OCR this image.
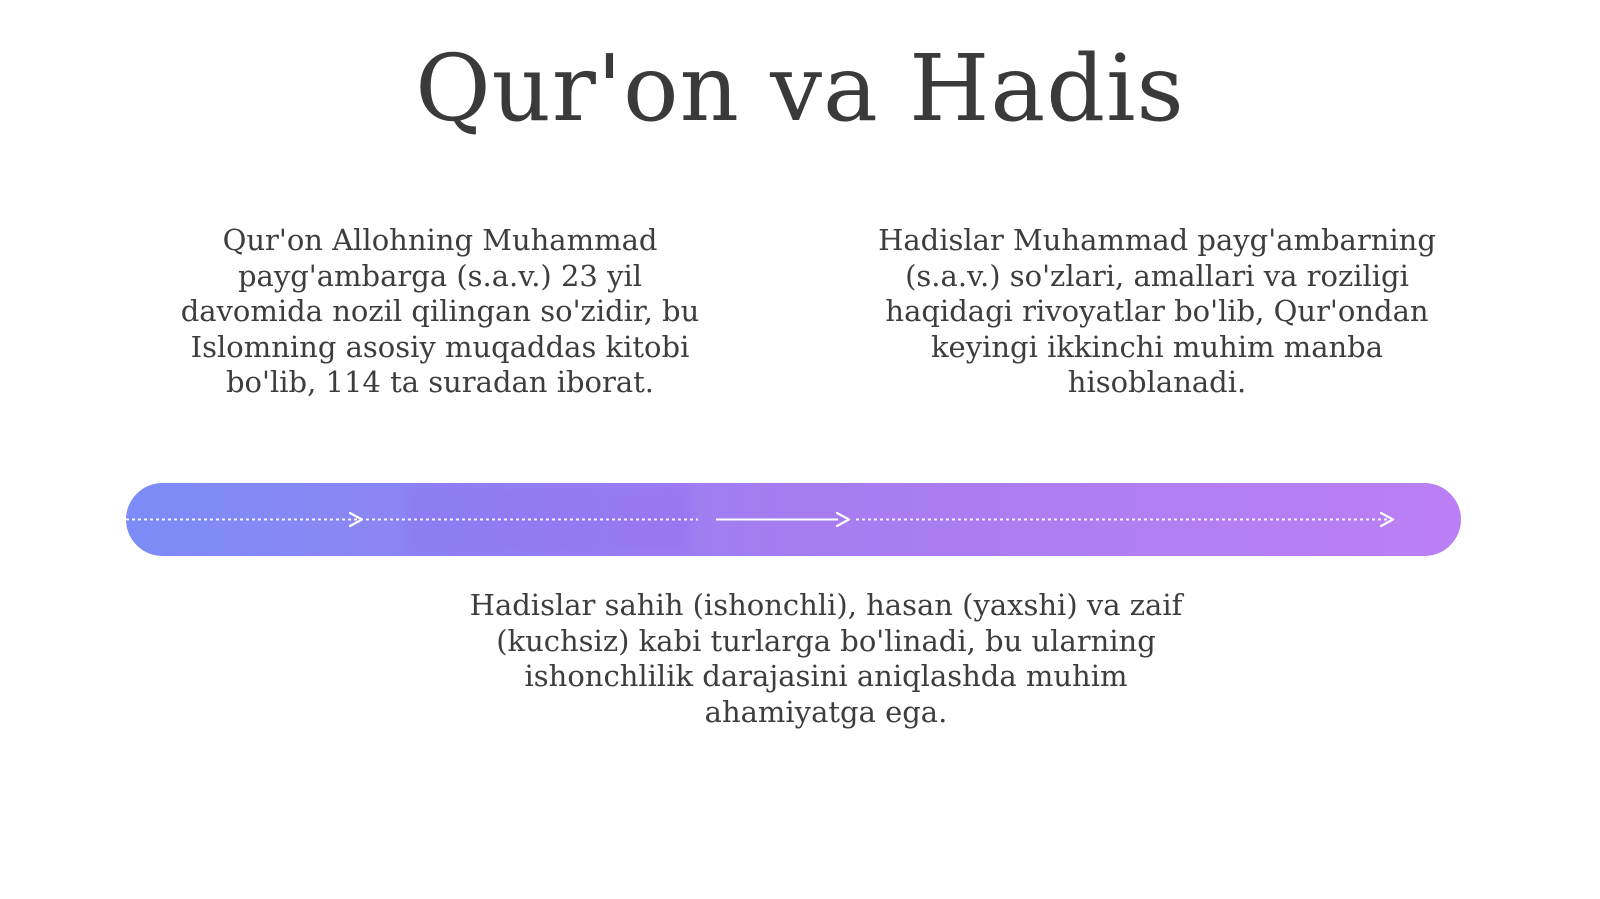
Qur'on va Hadis
Qur'on Allohning Muhammad payg'ambarga (s.a.v.) 23 yil davomida nozil qilingan so'zidir, bu Islomning asosiy muqaddas kitobi bo'lib, 114 ta suradan iborat.
Hadislar Muhammad payg'ambarning (s.a.v.) so'zlari, amallari va roziligi haqidagi rivoyatlar bo'lib, Qur'ondan keyingi ikkinchi muhim manba hisoblanadi.
Hadislar sahih (ishonchli), hasan (yaxshi) va zaif (kuchsiz) kabi turlarga bo'linadi, bu ularning ishonchlilik darajasini aniqlashda muhim ahamiyatga ega.
